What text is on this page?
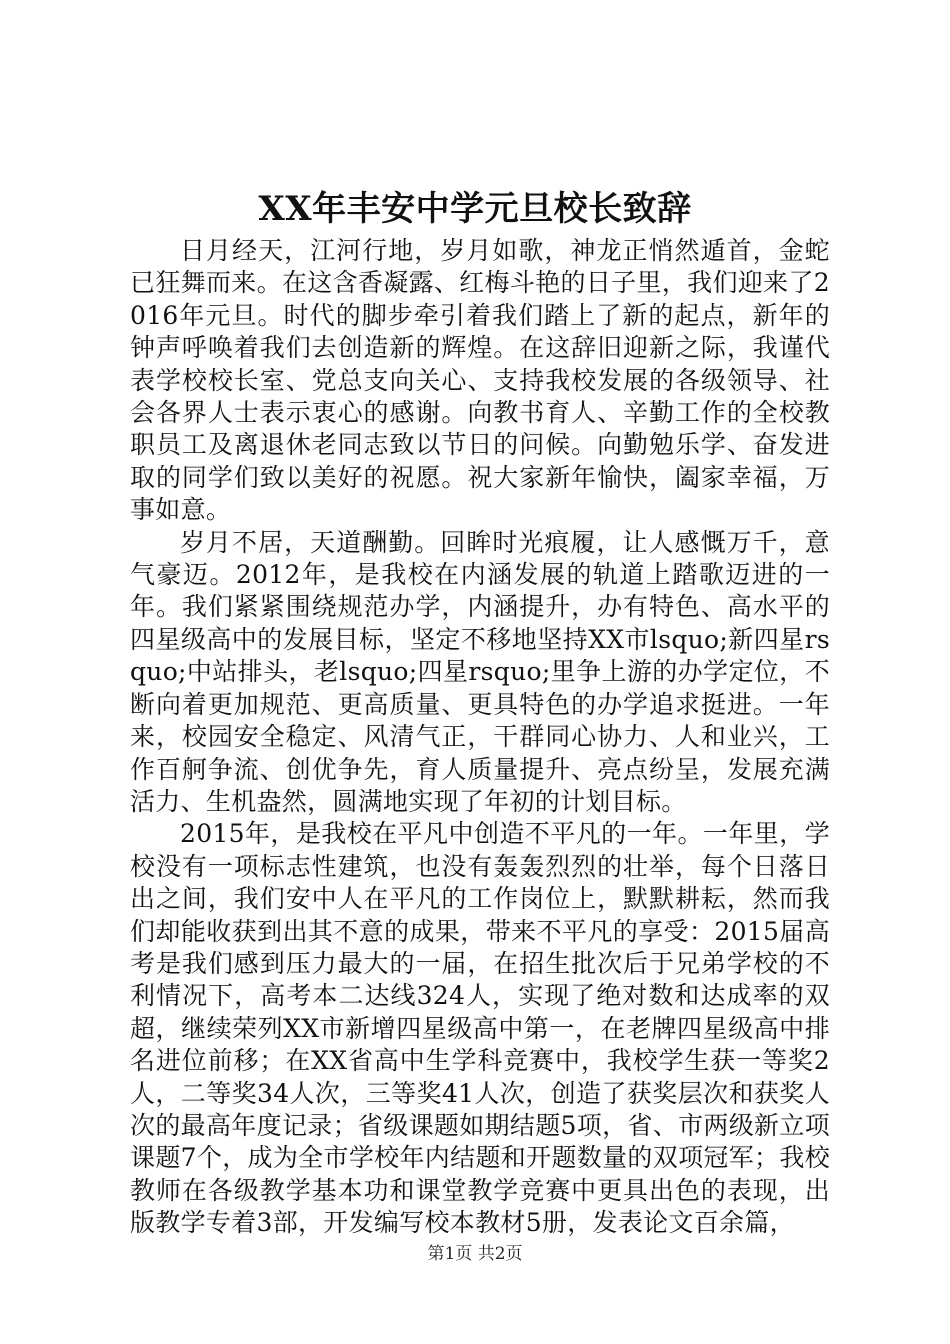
XX年丰安中学元旦校长致辞

日月经天，江河行地，岁月如歌，神龙正悄然遁首，金蛇已狂舞而来。在这含香凝露、红梅斗艳的日子里，我们迎来了2016年元旦。时代的脚步牵引着我们踏上了新的起点，新年的钟声呼唤着我们去创造新的辉煌。在这辞旧迎新之际，我谨代表学校校长室、党总支向关心、支持我校发展的各级领导、社会各界人士表示衷心的感谢。向教书育人、辛勤工作的全校教职员工及离退休老同志致以节日的问候。向勤勉乐学、奋发进取的同学们致以美好的祝愿。祝大家新年愉快，阖家幸福，万事如意。

岁月不居，天道酬勤。回眸时光痕履，让人感慨万千，意气豪迈。2012年，是我校在内涵发展的轨道上踏歌迈进的一年。我们紧紧围绕规范办学，内涵提升，办有特色、高水平的四星级高中的发展目标，坚定不移地坚持XX市lsquo;新四星rsquo;中站排头，老lsquo;四星rsquo;里争上游的办学定位，不断向着更加规范、更高质量、更具特色的办学追求挺进。一年来，校园安全稳定、风清气正，干群同心协力、人和业兴，工作百舸争流、创优争先，育人质量提升、亮点纷呈，发展充满活力、生机盎然，圆满地实现了年初的计划目标。

2015年，是我校在平凡中创造不平凡的一年。一年里，学校没有一项标志性建筑，也没有轰轰烈烈的壮举，每个日落日出之间，我们安中人在平凡的工作岗位上，默默耕耘，然而我们却能收获到出其不意的成果，带来不平凡的享受：2015届高考是我们感到压力最大的一届，在招生批次后于兄弟学校的不利情况下，高考本二达线324人，实现了绝对数和达成率的双超，继续荣列XX市新增四星级高中第一，在老牌四星级高中排名进位前移；在XX省高中生学科竞赛中，我校学生获一等奖2人，二等奖34人次，三等奖41人次，创造了获奖层次和获奖人次的最高年度记录；省级课题如期结题5项，省、市两级新立项课题7个，成为全市学校年内结题和开题数量的双项冠军；我校教师在各级教学基本功和课堂教学竞赛中更具出色的表现，出版教学专着3部，开发编写校本教材5册，发表论文百余篇，

第1页 共2页
